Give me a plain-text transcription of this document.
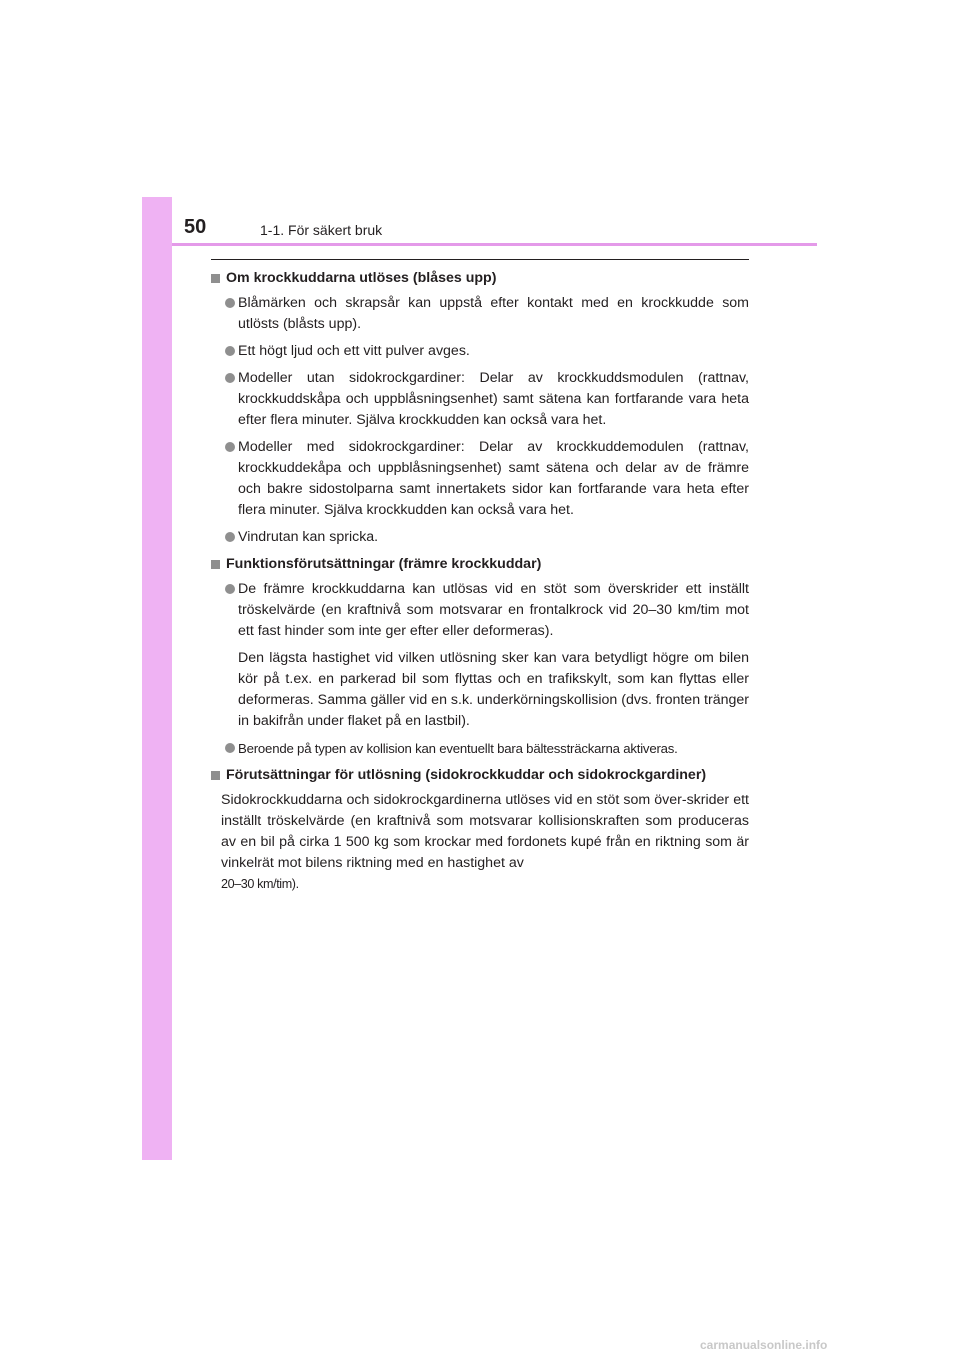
50	1-1. För säkert bruk
Om krockkuddarna utlöses (blåses upp)
Blåmärken och skrapsår kan uppstå efter kontakt med en krockkudde som utlösts (blåsts upp).
Ett högt ljud och ett vitt pulver avges.
Modeller utan sidokrockgardiner: Delar av krockkuddsmodulen (rattnav, krockkuddskåpa och uppblåsningsenhet) samt sätena kan fortfarande vara heta efter flera minuter. Själva krockkudden kan också vara het.
Modeller med sidokrockgardiner: Delar av krockkuddemodulen (rattnav, krockkuddekåpa och uppblåsningsenhet) samt sätena och delar av de främre och bakre sidostolparna samt innertakets sidor kan fortfarande vara heta efter flera minuter. Själva krockkudden kan också vara het.
Vindrutan kan spricka.
Funktionsförutsättningar (främre krockkuddar)
De främre krockkuddarna kan utlösas vid en stöt som överskrider ett inställt tröskelvärde (en kraftnivå som motsvarar en frontalkrock vid 20–30 km/tim mot ett fast hinder som inte ger efter eller deformeras).
Den lägsta hastighet vid vilken utlösning sker kan vara betydligt högre om bilen kör på t.ex. en parkerad bil som flyttas och en trafikskylt, som kan flyttas eller deformeras. Samma gäller vid en s.k. underkörningskollision (dvs. fronten tränger in bakifrån under flaket på en lastbil).
Beroende på typen av kollision kan eventuellt bara bältessträckarna aktiveras.
Förutsättningar för utlösning (sidokrockkuddar och sidokrockgardiner)
Sidokrockkuddarna och sidokrockgardinerna utlöses vid en stöt som över-skrider ett inställt tröskelvärde (en kraftnivå som motsvarar kollisionskraften som produceras av en bil på cirka 1 500 kg som krockar med fordonets kupé från en riktning som är vinkelrät mot bilens riktning med en hastighet av
20–30 km/tim).
carmanualsonline.info
